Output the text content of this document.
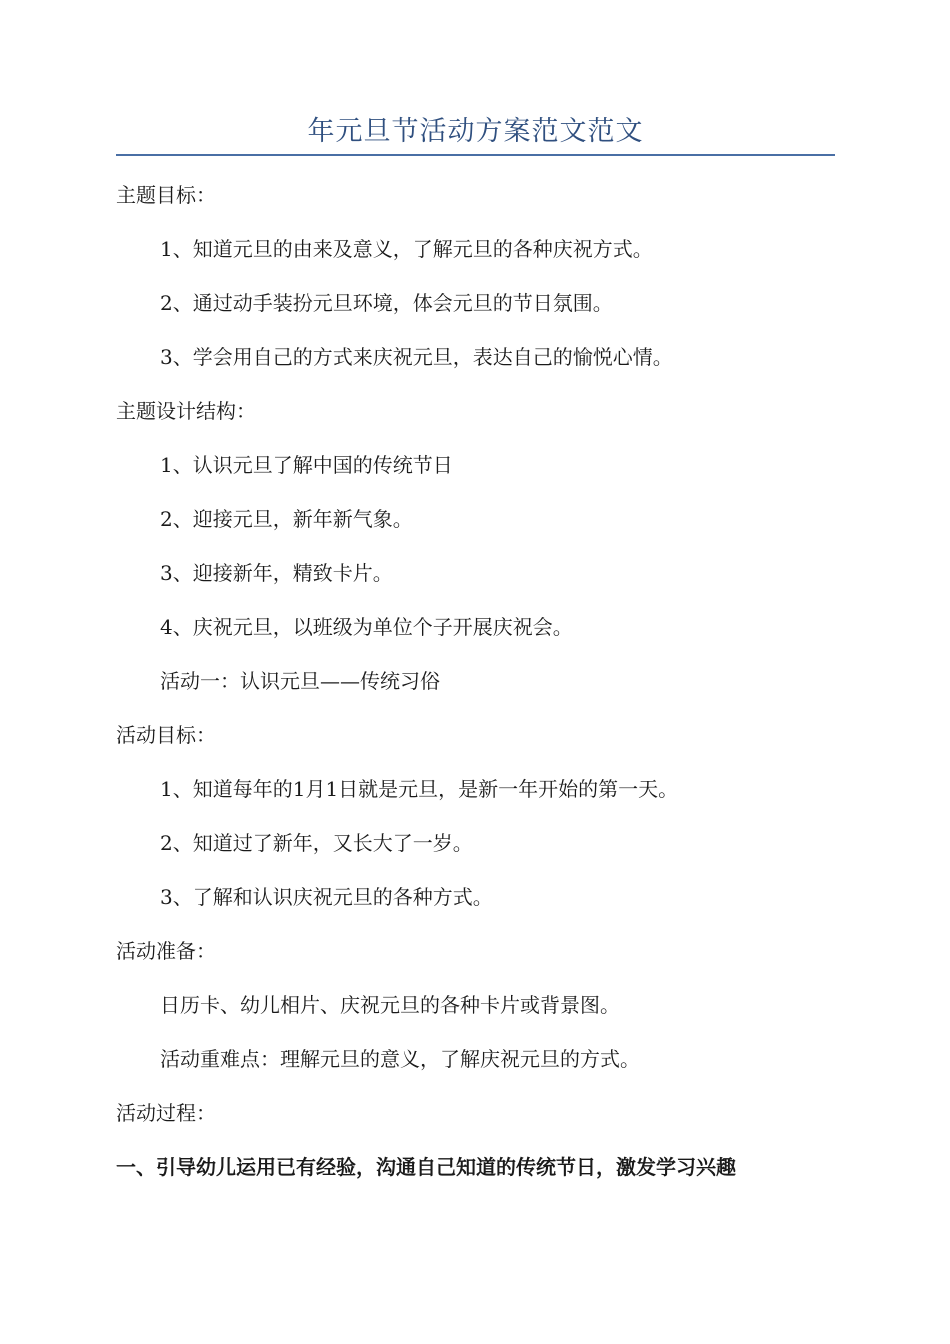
年元旦节活动方案范文范文
主题目标：
1、知道元旦的由来及意义，了解元旦的各种庆祝方式。
2、通过动手装扮元旦环境，体会元旦的节日氛围。
3、学会用自己的方式来庆祝元旦，表达自己的愉悦心情。
主题设计结构：
1、认识元旦了解中国的传统节日
2、迎接元旦，新年新气象。
3、迎接新年，精致卡片。
4、庆祝元旦，以班级为单位个子开展庆祝会。
活动一：认识元旦——传统习俗
活动目标：
1、知道每年的1月1日就是元旦，是新一年开始的第一天。
2、知道过了新年，又长大了一岁。
3、了解和认识庆祝元旦的各种方式。
活动准备：
日历卡、幼儿相片、庆祝元旦的各种卡片或背景图。
活动重难点：理解元旦的意义，了解庆祝元旦的方式。
活动过程：
一、引导幼儿运用已有经验，沟通自己知道的传统节日，激发学习兴趣
